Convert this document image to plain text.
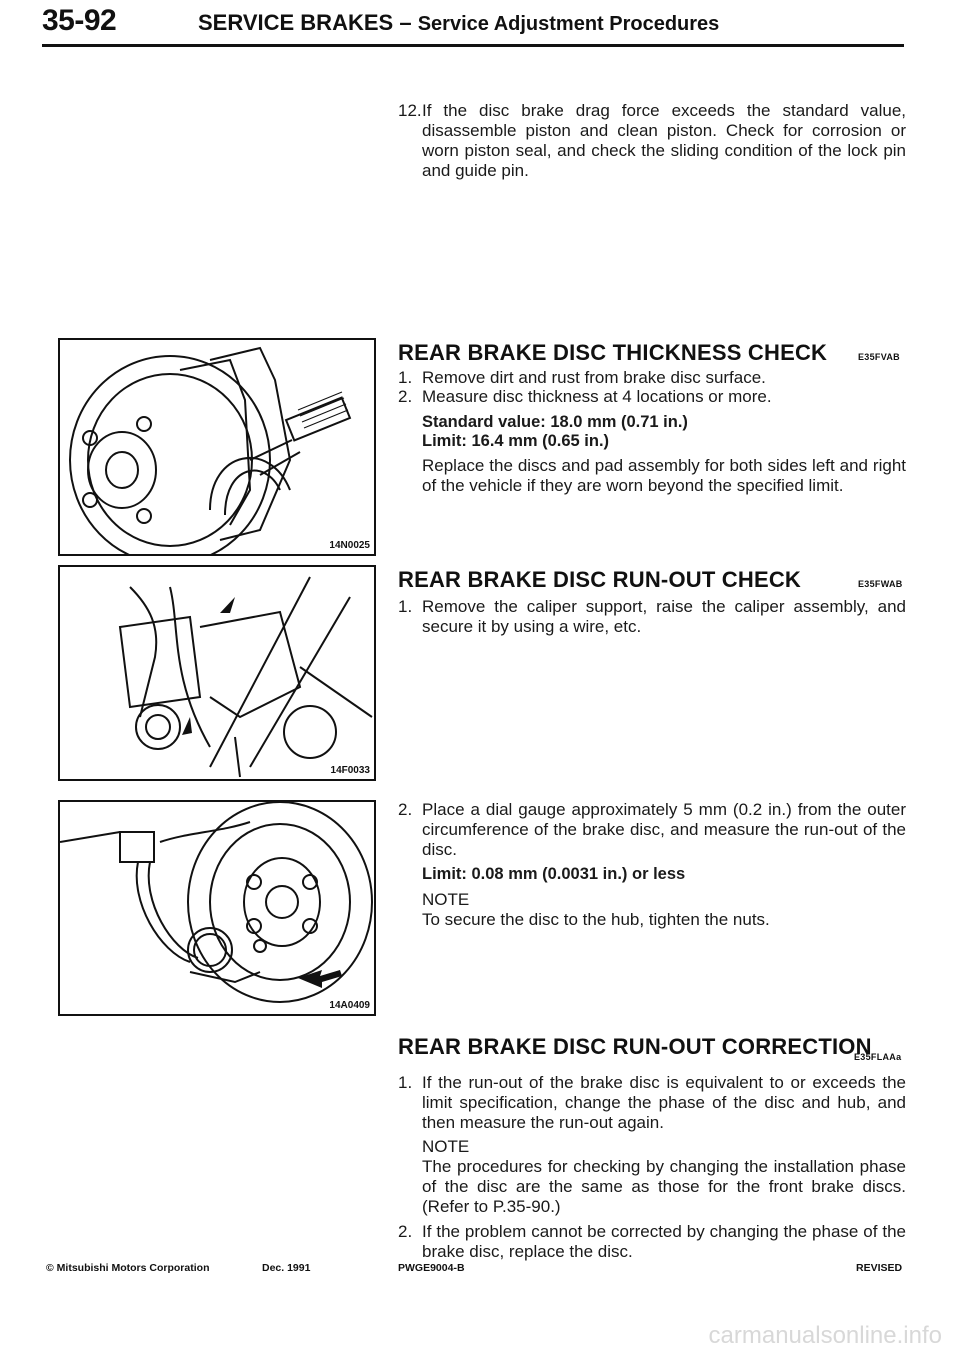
35-92	SERVICE BRAKES – Service Adjustment Procedures
12. If the disc brake drag force exceeds the standard value, disassemble piston and clean piston. Check for corrosion or worn piston seal, and check the sliding condition of the lock pin and guide pin.
14N0025
14F0033
14A0409
REAR BRAKE DISC THICKNESS CHECK	E35FVAB
1. Remove dirt and rust from brake disc surface.
2. Measure disc thickness at 4 locations or more.
Standard value: 18.0 mm (0.71 in.)
Limit: 16.4 mm (0.65 in.)
Replace the discs and pad assembly for both sides left and right of the vehicle if they are worn beyond the specified limit.
REAR BRAKE DISC RUN-OUT CHECK	E35FWAB
1. Remove the caliper support, raise the caliper assembly, and secure it by using a wire, etc.
2. Place a dial gauge approximately 5 mm (0.2 in.) from the outer circumference of the brake disc, and measure the run-out of the disc.
Limit: 0.08 mm (0.0031 in.) or less
NOTE
To secure the disc to the hub, tighten the nuts.
REAR BRAKE DISC RUN-OUT CORRECTION
E35FLAAa
1. If the run-out of the brake disc is equivalent to or exceeds the limit specification, change the phase of the disc and hub, and then measure the run-out again.
NOTE
The procedures for checking by changing the installation phase of the disc are the same as those for the front brake discs. (Refer to P.35-90.)
2. If the problem cannot be corrected by changing the phase of the brake disc, replace the disc.
© Mitsubishi Motors Corporation	Dec. 1991	PWGE9004-B	REVISED
carmanualsonline.info
